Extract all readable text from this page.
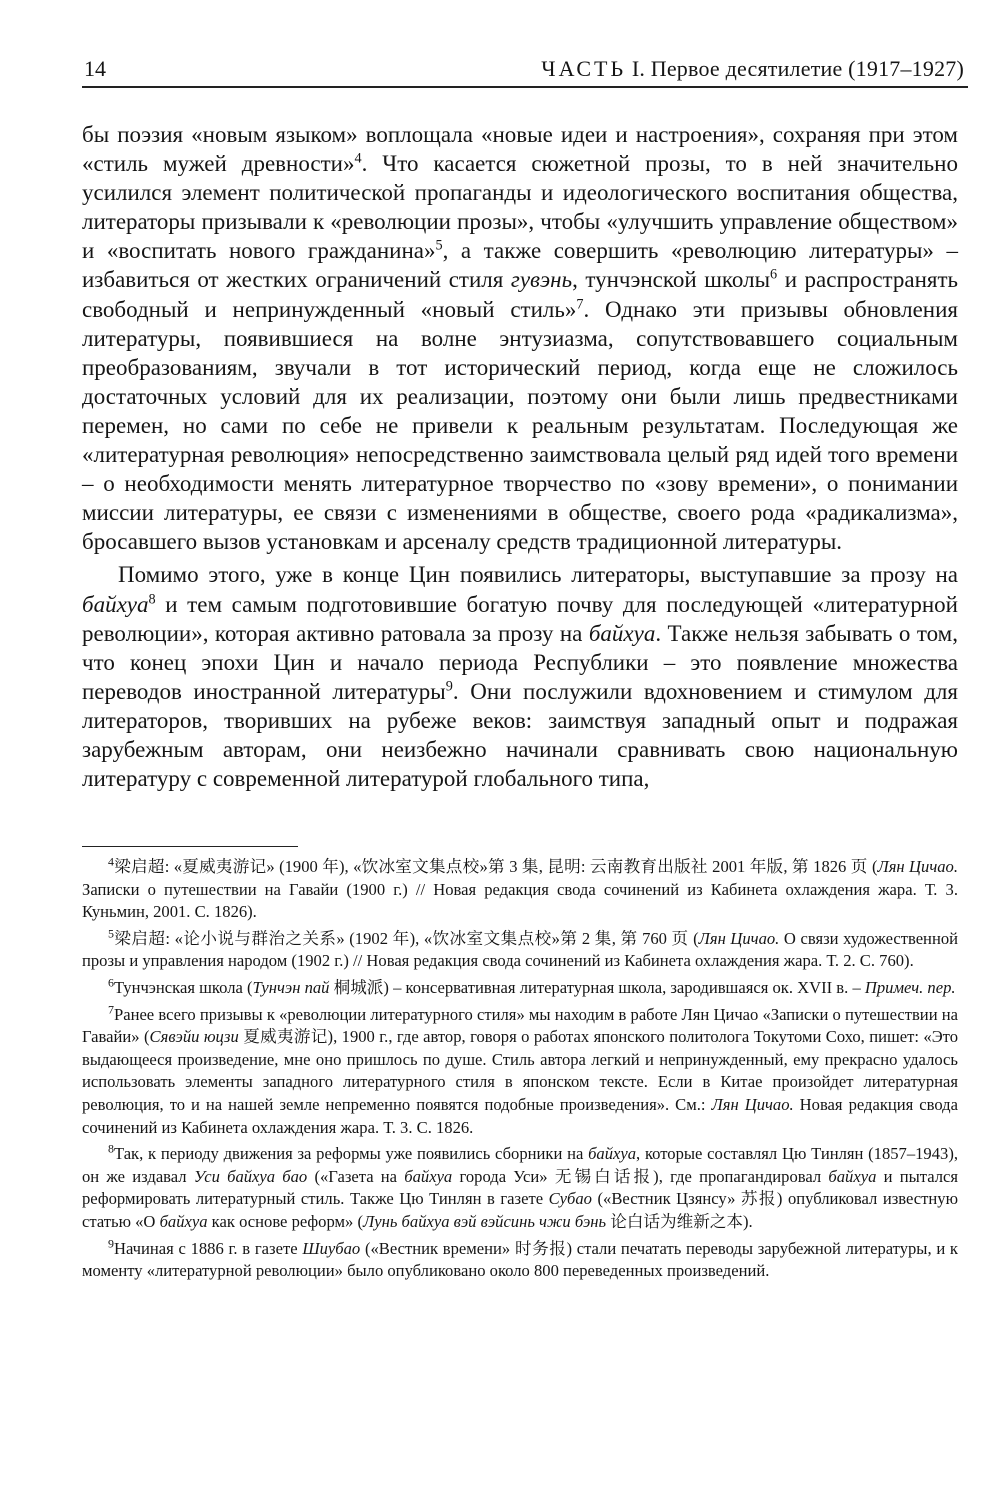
14	ЧАСТЬ I. Первое десятилетие (1917–1927)

бы поэзия «новым языком» воплощала «новые идеи и настроения», сохраняя при этом «стиль мужей древности»$^4$. Что касается сюжетной прозы, то в ней значительно усилился элемент политической пропаганды и идеологического воспитания общества, литераторы призывали к «революции прозы», чтобы «улучшить управление обществом» и «воспитать нового гражданина»$^5$, а также совершить «революцию литературы» – избавиться от жестких ограничений стиля гувэнь, тунчэнской школы$^6$ и распространять свободный и непринужденный «новый стиль»$^7$. Однако эти призывы обновления литературы, появившиеся на волне энтузиазма, сопутствовавшего социальным преобразованиям, звучали в тот исторический период, когда еще не сложилось достаточных условий для их реализации, поэтому они были лишь предвестниками перемен, но сами по себе не привели к реальным результатам. Последующая же «литературная революция» непосредственно заимствовала целый ряд идей того времени – о необходимости менять литературное творчество по «зову времени», о понимании миссии литературы, ее связи с изменениями в обществе, своего рода «радикализма», бросавшего вызов установкам и арсеналу средств традиционной литературы.

Помимо этого, уже в конце Цин появились литераторы, выступавшие за прозу на байхуа$^8$ и тем самым подготовившие богатую почву для последующей «литературной революции», которая активно ратовала за прозу на байхуа. Также нельзя забывать о том, что конец эпохи Цин и начало периода Республики – это появление множества переводов иностранной литературы$^9$. Они послужили вдохновением и стимулом для литераторов, творивших на рубеже веков: заимствуя западный опыт и подражая зарубежным авторам, они неизбежно начинали сравнивать свою национальную литературу с современной литературой глобального типа,

$^4$梁启超: «夏威夷游记» (1900 年), «饮冰室文集点校»第 3 集, 昆明: 云南教育出版社 2001 年版, 第 1826 页 (Лян Цичао. Записки о путешествии на Гавайи (1900 г.) // Новая редакция свода сочинений из Кабинета охлаждения жара. Т. 3. Куньмин, 2001. С. 1826).

$^5$梁启超: «论小说与群治之关系» (1902 年), «饮冰室文集点校»第 2 集, 第 760 页 (Лян Цичао. О связи художественной прозы и управления народом (1902 г.) // Новая редакция свода сочинений из Кабинета охлаждения жара. Т. 2. С. 760).

$^6$Тунчэнская школа (Тунчэн пай 桐城派) – консервативная литературная школа, зародившаяся ок. XVII в. – Примеч. пер.

$^7$Ранее всего призывы к «революции литературного стиля» мы находим в работе Лян Цичао «Записки о путешествии на Гавайи» (Сявэйи юцзи 夏威夷游记), 1900 г., где автор, говоря о работах японского политолога Токутоми Сохо, пишет: «Это выдающееся произведение, мне оно пришлось по душе. Стиль автора легкий и непринужденный, ему прекрасно удалось использовать элементы западного литературного стиля в японском тексте. Если в Китае произойдет литературная революция, то и на нашей земле непременно появятся подобные произведения». См.: Лян Цичао. Новая редакция свода сочинений из Кабинета охлаждения жара. Т. 3. С. 1826.

$^8$Так, к периоду движения за реформы уже появились сборники на байхуа, которые составлял Цю Тинлян (1857–1943), он же издавал Уси байхуа бао («Газета на байхуа города Уси» 无锡白话报), где пропагандировал байхуа и пытался реформировать литературный стиль. Также Цю Тинлян в газете Субао («Вестник Цзянсу» 苏报) опубликовал известную статью «О байхуа как основе реформ» (Лунь байхуа вэй вэйсинь чжи бэнь 论白话为维新之本).

$^9$Начиная с 1886 г. в газете Шиубао («Вестник времени» 时务报) стали печатать переводы зарубежной литературы, и к моменту «литературной революции» было опубликовано около 800 переведенных произведений.
